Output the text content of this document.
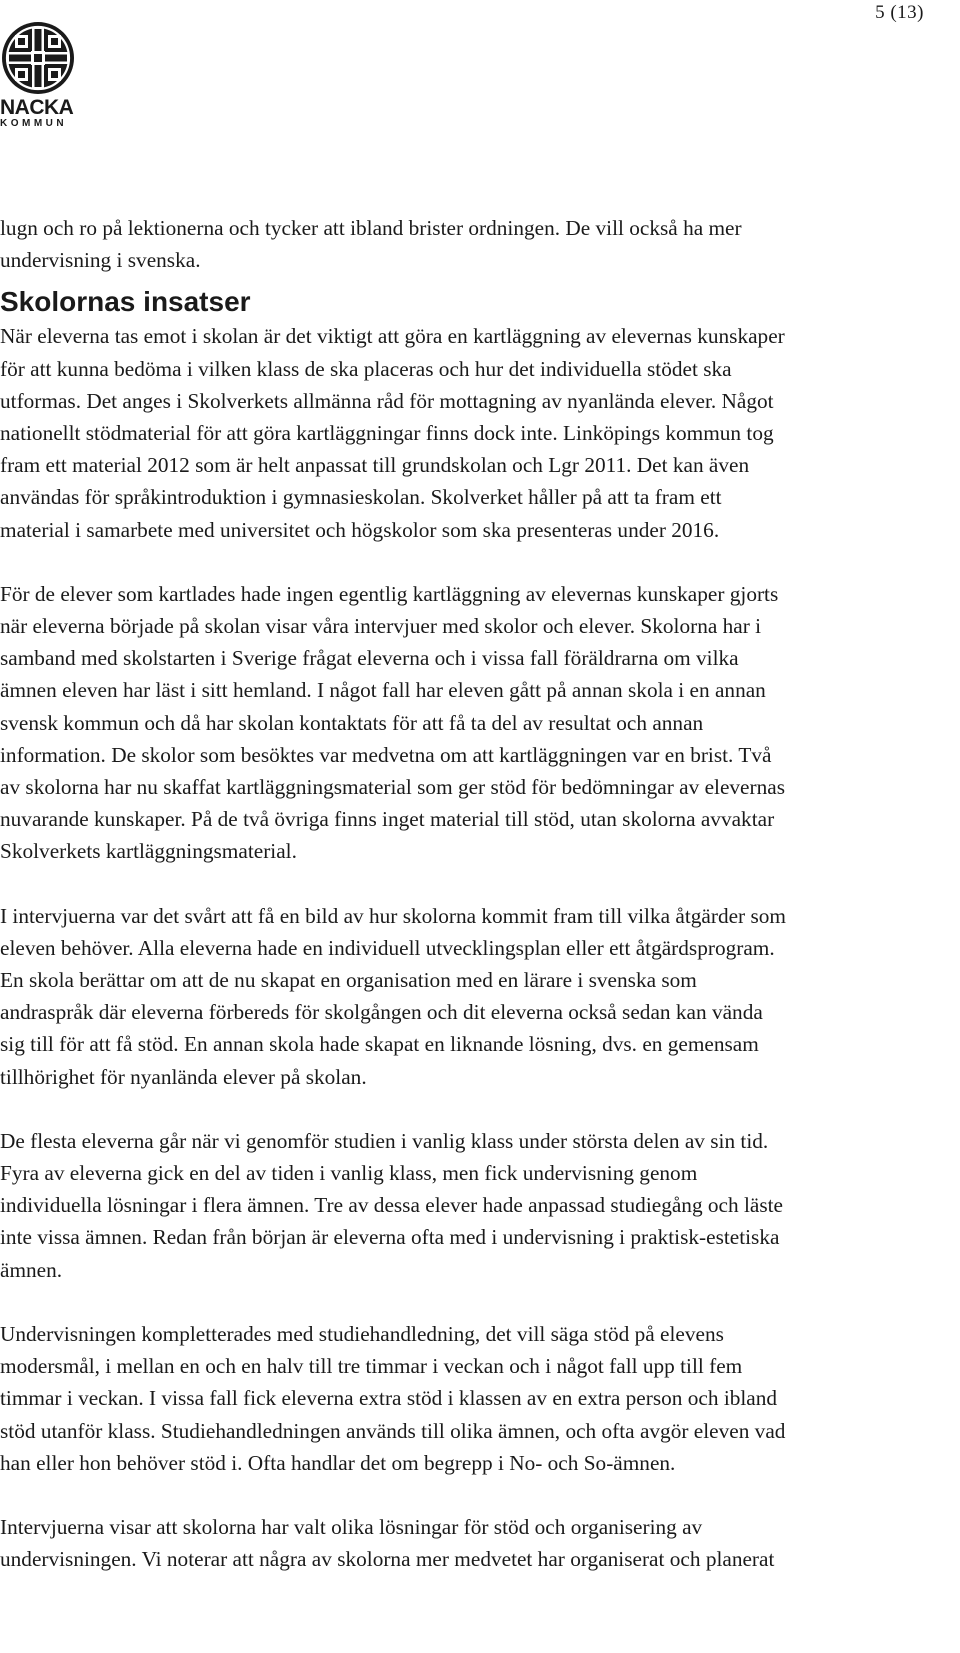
5 (13)
NACKA
KOMMUN

lugn och ro på lektionerna och tycker att ibland brister ordningen. De vill också ha mer
undervisning i svenska.

Skolornas insatser

När eleverna tas emot i skolan är det viktigt att göra en kartläggning av elevernas kunskaper
för att kunna bedöma i vilken klass de ska placeras och hur det individuella stödet ska
utformas. Det anges i Skolverkets allmänna råd för mottagning av nyanlända elever. Något
nationellt stödmaterial för att göra kartläggningar finns dock inte. Linköpings kommun tog
fram ett material 2012 som är helt anpassat till grundskolan och Lgr 2011. Det kan även
användas för språkintroduktion i gymnasieskolan. Skolverket håller på att ta fram ett
material i samarbete med universitet och högskolor som ska presenteras under 2016.

För de elever som kartlades hade ingen egentlig kartläggning av elevernas kunskaper gjorts
när eleverna började på skolan visar våra intervjuer med skolor och elever. Skolorna har i
samband med skolstarten i Sverige frågat eleverna och i vissa fall föräldrarna om vilka
ämnen eleven har läst i sitt hemland. I något fall har eleven gått på annan skola i en annan
svensk kommun och då har skolan kontaktats för att få ta del av resultat och annan
information. De skolor som besöktes var medvetna om att kartläggningen var en brist. Två
av skolorna har nu skaffat kartläggningsmaterial som ger stöd för bedömningar av elevernas
nuvarande kunskaper. På de två övriga finns inget material till stöd, utan skolorna avvaktar
Skolverkets kartläggningsmaterial.

I intervjuerna var det svårt att få en bild av hur skolorna kommit fram till vilka åtgärder som
eleven behöver. Alla eleverna hade en individuell utvecklingsplan eller ett åtgärdsprogram.
En skola berättar om att de nu skapat en organisation med en lärare i svenska som
andraspråk där eleverna förbereds för skolgången och dit eleverna också sedan kan vända
sig till för att få stöd. En annan skola hade skapat en liknande lösning, dvs. en gemensam
tillhörighet för nyanlända elever på skolan.

De flesta eleverna går när vi genomför studien i vanlig klass under största delen av sin tid.
Fyra av eleverna gick en del av tiden i vanlig klass, men fick undervisning genom
individuella lösningar i flera ämnen. Tre av dessa elever hade anpassad studiegång och läste
inte vissa ämnen. Redan från början är eleverna ofta med i undervisning i praktisk-estetiska
ämnen.

Undervisningen kompletterades med studiehandledning, det vill säga stöd på elevens
modersmål, i mellan en och en halv till tre timmar i veckan och i något fall upp till fem
timmar i veckan. I vissa fall fick eleverna extra stöd i klassen av en extra person och ibland
stöd utanför klass. Studiehandledningen används till olika ämnen, och ofta avgör eleven vad
han eller hon behöver stöd i. Ofta handlar det om begrepp i No- och So-ämnen.

Intervjuerna visar att skolorna har valt olika lösningar för stöd och organisering av
undervisningen. Vi noterar att några av skolorna mer medvetet har organiserat och planerat
